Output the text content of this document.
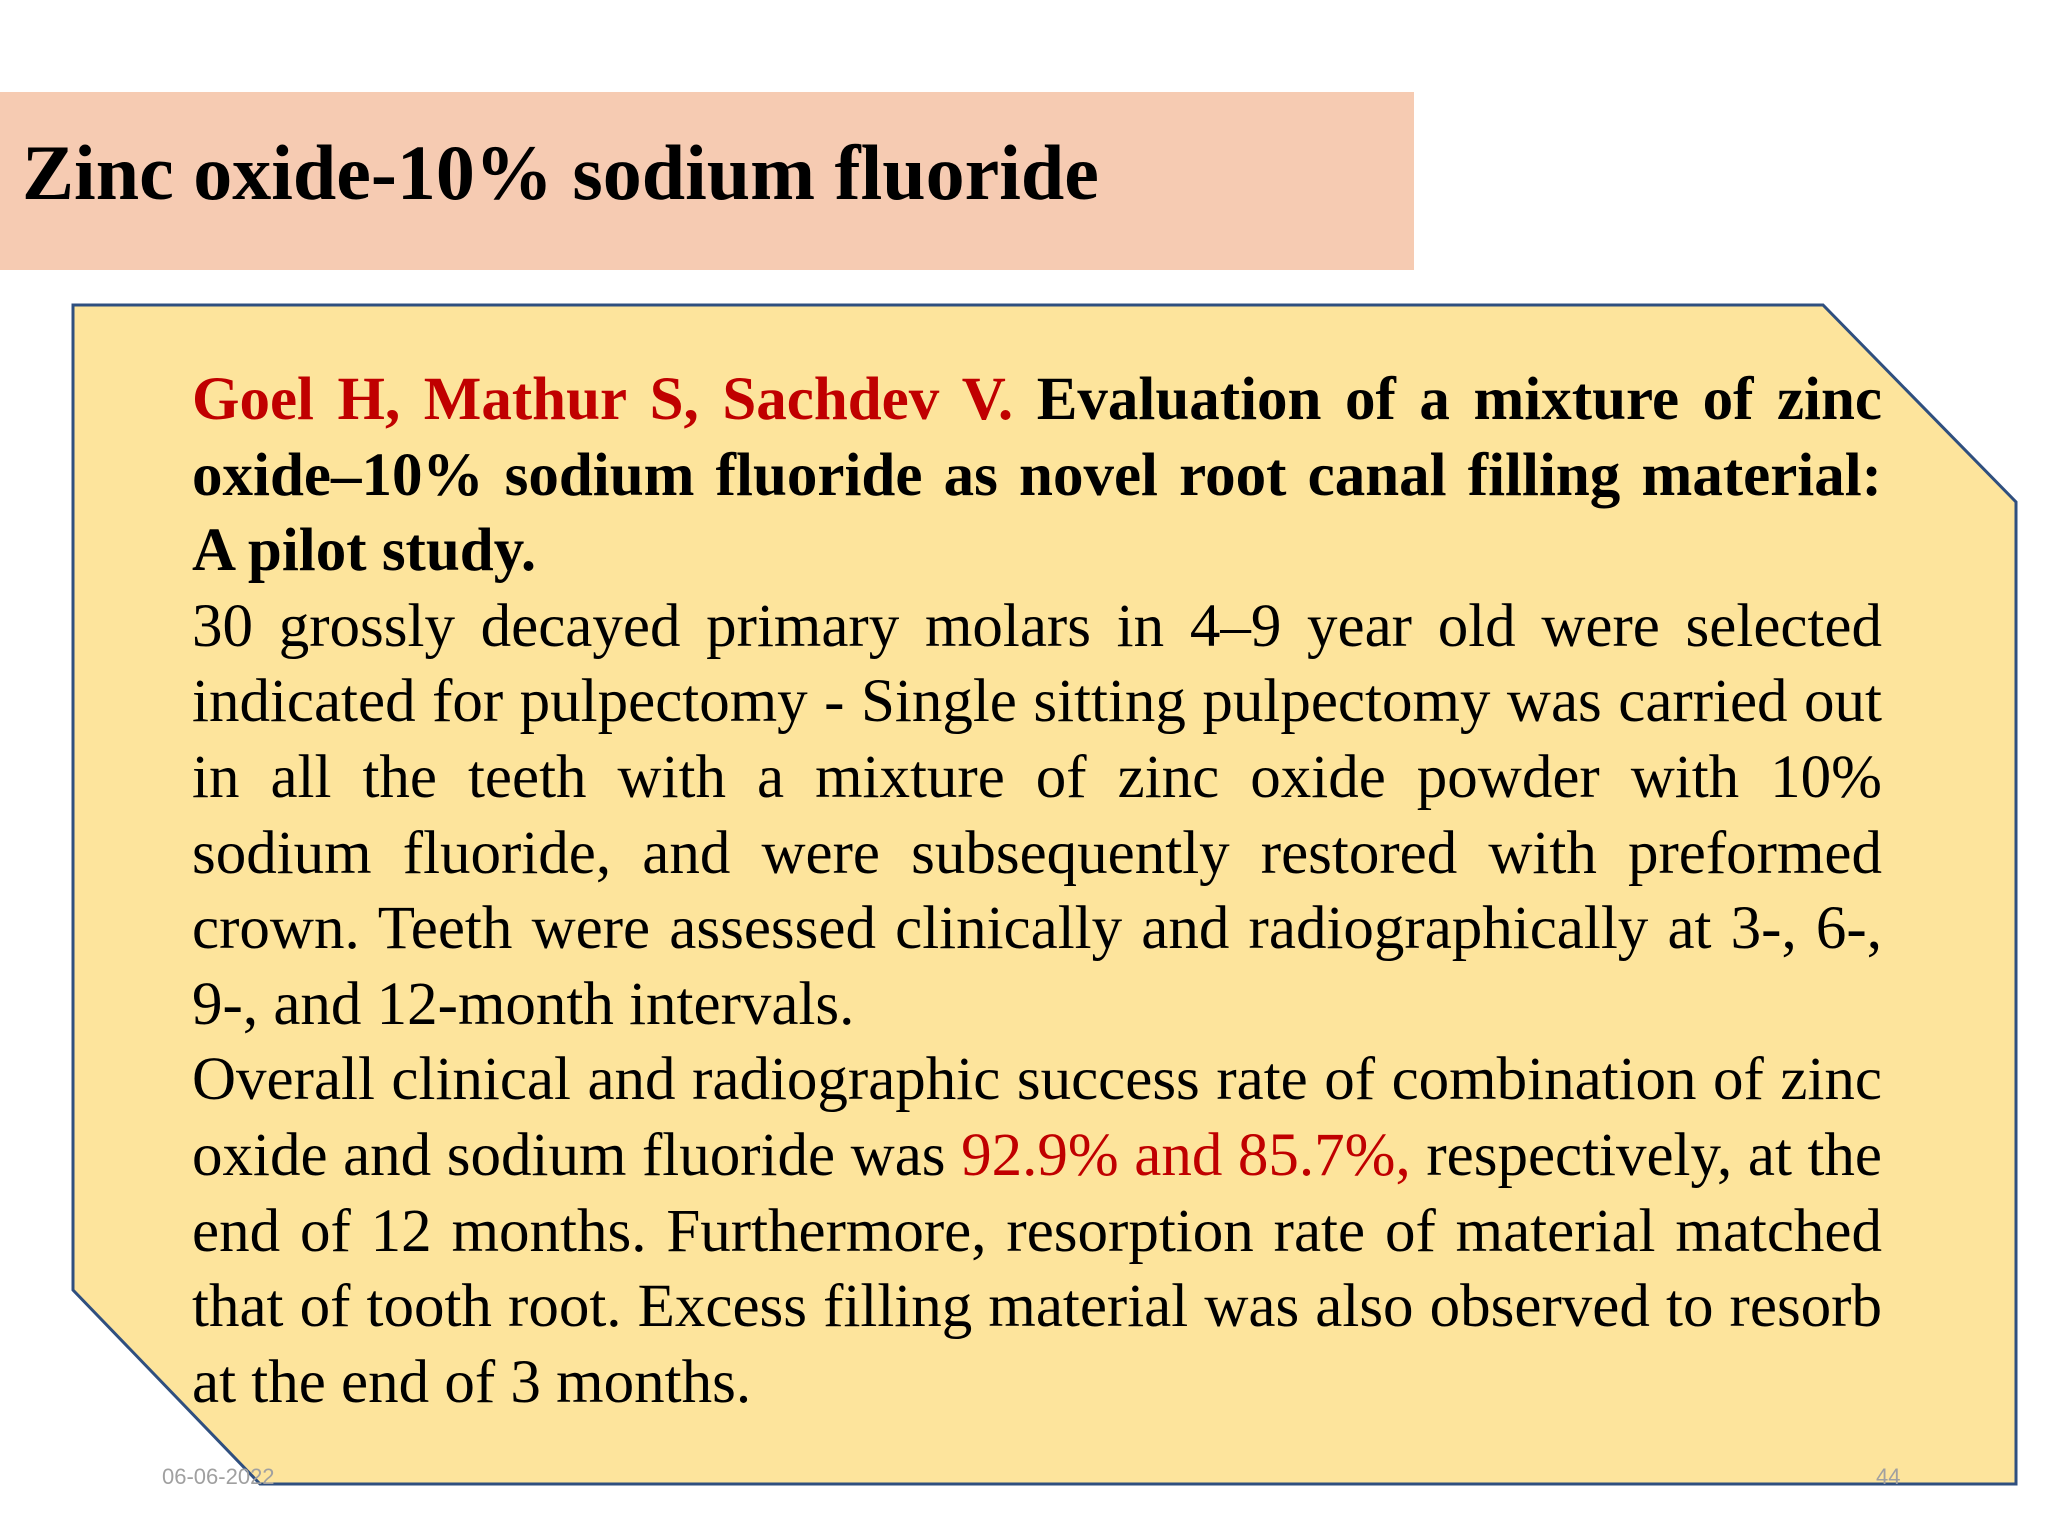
Zinc oxide-10% sodium fluoride
06-06-2022	44

Goel H, Mathur S, Sachdev V. Evaluation of a mixture of zinc oxide–10% sodium fluoride as novel root canal filling material: A pilot study.

30 grossly decayed primary molars in 4–9 year old were selected indicated for pulpectomy - Single sitting pulpectomy was carried out in all the teeth with a mixture of zinc oxide powder with 10% sodium fluoride, and were subsequently restored with preformed crown. Teeth were assessed clinically and radiographically at 3-, 6-, 9-, and 12-month intervals.

Overall clinical and radiographic success rate of combination of zinc oxide and sodium fluoride was 92.9% and 85.7%, respectively, at the end of 12 months. Furthermore, resorption rate of material matched that of tooth root. Excess filling material was also observed to resorb at the end of 3 months.
